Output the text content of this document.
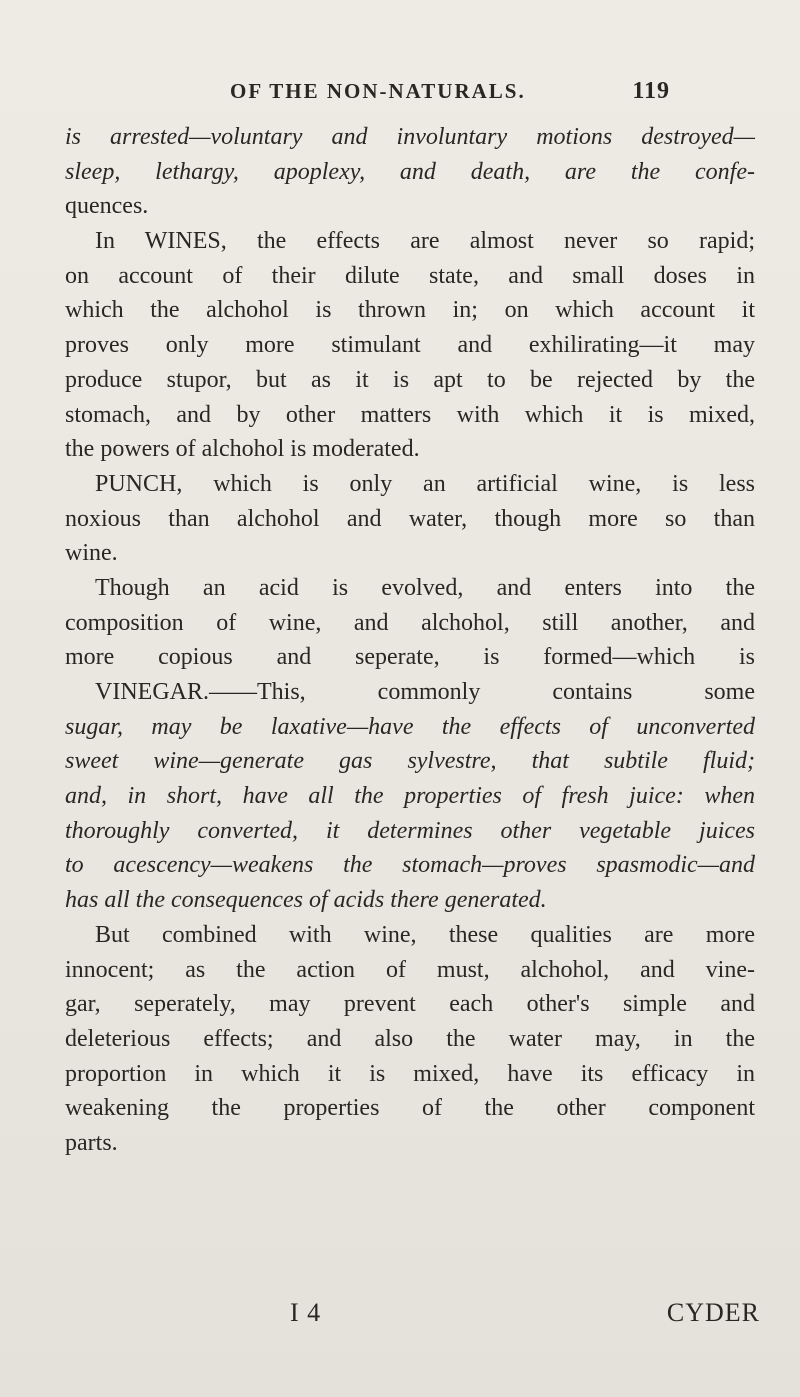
OF THE NON-NATURALS.	119
is arrested—voluntary and involuntary motions destroyed—
sleep, lethargy, apoplexy, and death, are the confe-
quences.
In WINES, the effects are almost never so rapid;
on account of their dilute state, and small doses in
which the alchohol is thrown in; on which account it
proves only more stimulant and exhilirating—it may
produce stupor, but as it is apt to be rejected by the
stomach, and by other matters with which it is mixed,
the powers of alchohol is moderated.
PUNCH, which is only an artificial wine, is less
noxious than alchohol and water, though more so than
wine.
Though an acid is evolved, and enters into the
composition of wine, and alchohol, still another, and
more copious and seperate, is formed—which is
VINEGAR.——This, commonly contains some
sugar, may be laxative—have the effects of unconverted
sweet wine—generate gas sylvestre, that subtile fluid;
and, in short, have all the properties of fresh juice: when
thoroughly converted, it determines other vegetable juices
to acescency—weakens the stomach—proves spasmodic—and
has all the consequences of acids there generated.
But combined with wine, these qualities are more
innocent; as the action of must, alchohol, and vine-
gar, seperately, may prevent each other's simple and
deleterious effects; and also the water may, in the
proportion in which it is mixed, have its efficacy in
weakening the properties of the other component
parts.
I 4	CYDER
